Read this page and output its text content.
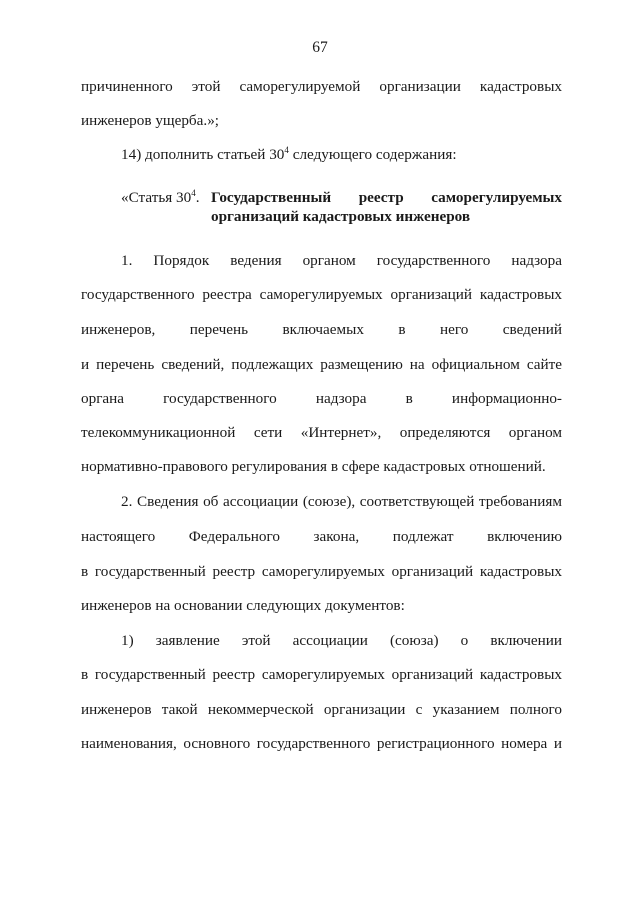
67
причиненного этой саморегулируемой организации кадастровых
инженеров ущерба.»;
14) дополнить статьей $30^4$ следующего содержания:
«Статья $30^4$. Государственный реестр саморегулируемых
организаций кадастровых инженеров
1. Порядок ведения органом государственного надзора
государственного реестра саморегулируемых организаций кадастровых
инженеров, перечень включаемых в него сведений
и перечень сведений, подлежащих размещению на официальном сайте
органа государственного надзора в информационно-
телекоммуникационной сети «Интернет», определяются органом
нормативно-правового регулирования в сфере кадастровых отношений.
2. Сведения об ассоциации (союзе), соответствующей требованиям
настоящего Федерального закона, подлежат включению
в государственный реестр саморегулируемых организаций кадастровых
инженеров на основании следующих документов:
1) заявление этой ассоциации (союза) о включении
в государственный реестр саморегулируемых организаций кадастровых
инженеров такой некоммерческой организации с указанием полного
наименования, основного государственного регистрационного номера и
